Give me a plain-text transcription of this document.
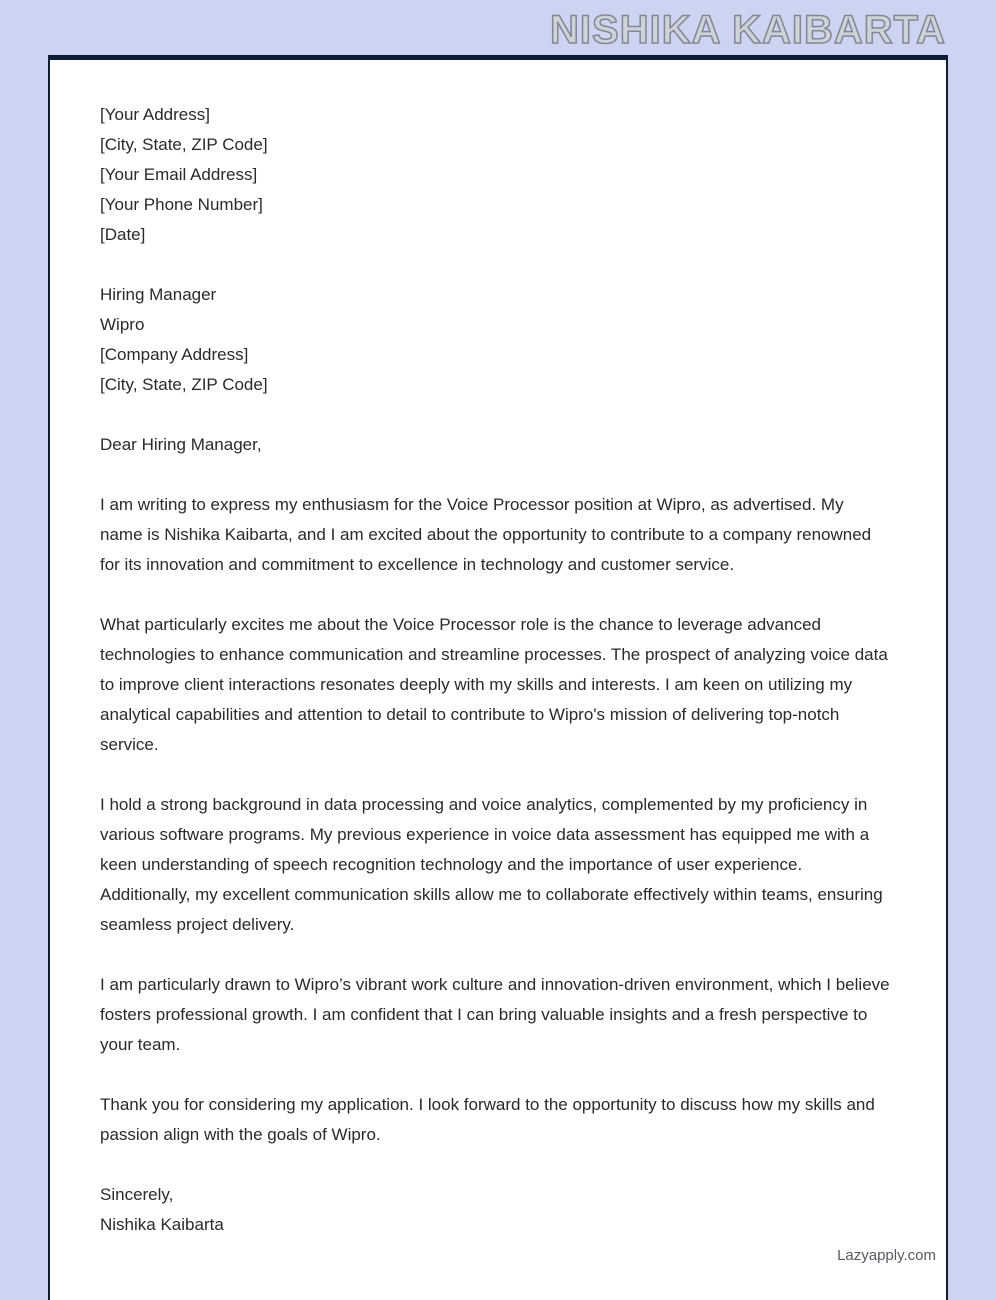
NISHIKA KAIBARTA
[Your Address]
[City, State, ZIP Code]
[Your Email Address]
[Your Phone Number]
[Date]
Hiring Manager
Wipro
[Company Address]
[City, State, ZIP Code]
Dear Hiring Manager,

I am writing to express my enthusiasm for the Voice Processor position at Wipro, as advertised. My name is Nishika Kaibarta, and I am excited about the opportunity to contribute to a company renowned for its innovation and commitment to excellence in technology and customer service.

What particularly excites me about the Voice Processor role is the chance to leverage advanced technologies to enhance communication and streamline processes. The prospect of analyzing voice data to improve client interactions resonates deeply with my skills and interests. I am keen on utilizing my analytical capabilities and attention to detail to contribute to Wipro's mission of delivering top-notch service.

I hold a strong background in data processing and voice analytics, complemented by my proficiency in various software programs. My previous experience in voice data assessment has equipped me with a keen understanding of speech recognition technology and the importance of user experience. Additionally, my excellent communication skills allow me to collaborate effectively within teams, ensuring seamless project delivery.

I am particularly drawn to Wipro’s vibrant work culture and innovation-driven environment, which I believe fosters professional growth. I am confident that I can bring valuable insights and a fresh perspective to your team.

Thank you for considering my application. I look forward to the opportunity to discuss how my skills and passion align with the goals of Wipro.

Sincerely,
Nishika Kaibarta
Lazyapply.com
